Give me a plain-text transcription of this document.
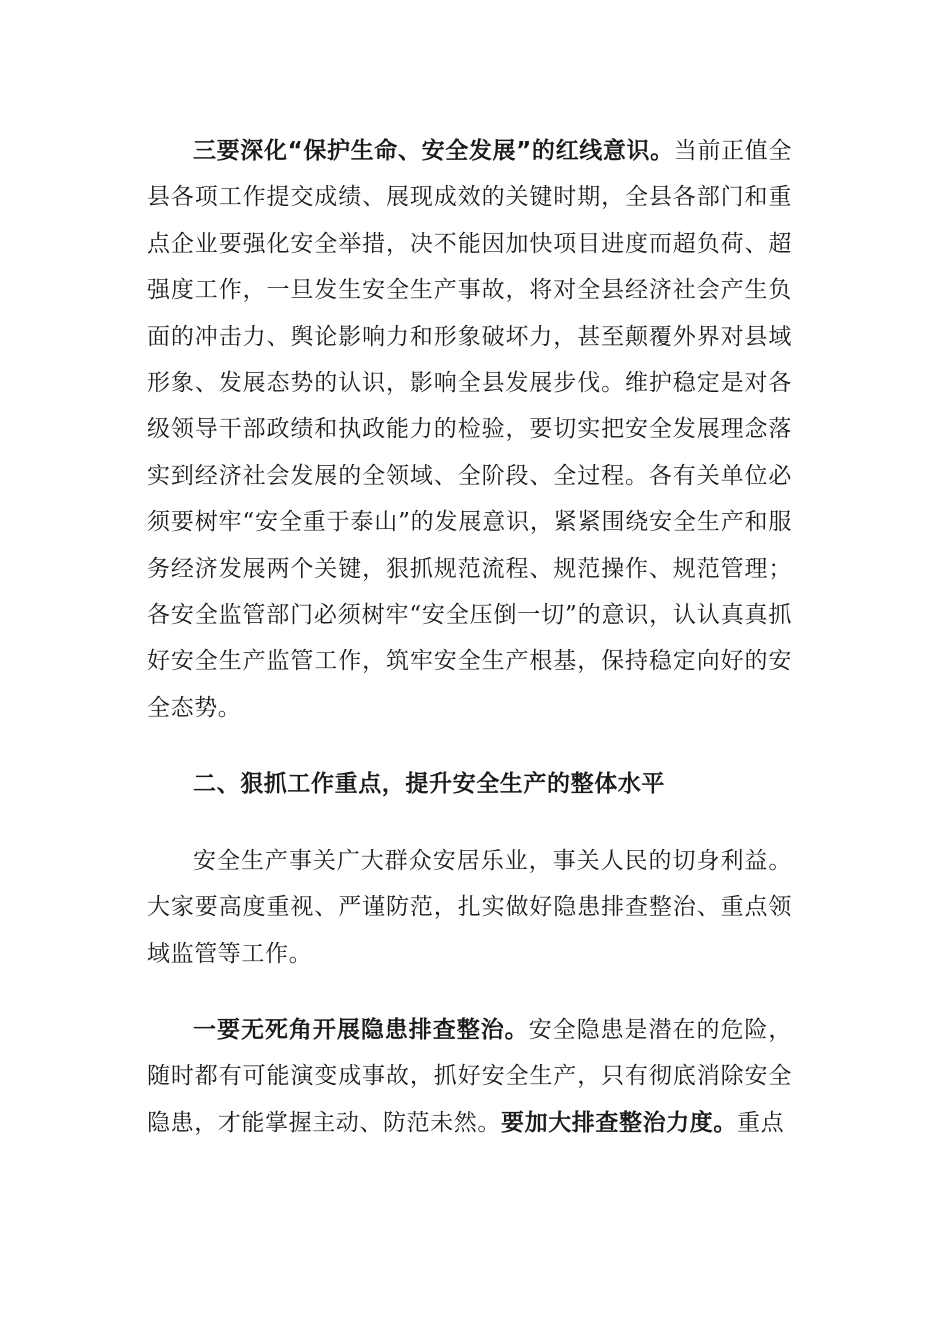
三要深化“保护生命、安全发展”的红线意识。当前正值全县各项工作提交成绩、展现成效的关键时期，全县各部门和重点企业要强化安全举措，决不能因加快项目进度而超负荷、超强度工作，一旦发生安全生产事故，将对全县经济社会产生负面的冲击力、舆论影响力和形象破坏力，甚至颠覆外界对县域形象、发展态势的认识，影响全县发展步伐。维护稳定是对各级领导干部政绩和执政能力的检验，要切实把安全发展理念落实到经济社会发展的全领域、全阶段、全过程。各有关单位必须要树牢“安全重于泰山”的发展意识，紧紧围绕安全生产和服务经济发展两个关键，狠抓规范流程、规范操作、规范管理；各安全监管部门必须树牢“安全压倒一切”的意识，认认真真抓好安全生产监管工作，筑牢安全生产根基，保持稳定向好的安全态势。

二、狠抓工作重点，提升安全生产的整体水平

安全生产事关广大群众安居乐业，事关人民的切身利益。大家要高度重视、严谨防范，扎实做好隐患排查整治、重点领域监管等工作。

一要无死角开展隐患排查整治。安全隐患是潜在的危险，随时都有可能演变成事故，抓好安全生产，只有彻底消除安全隐患，才能掌握主动、防范未然。要加大排查整治力度。重点
